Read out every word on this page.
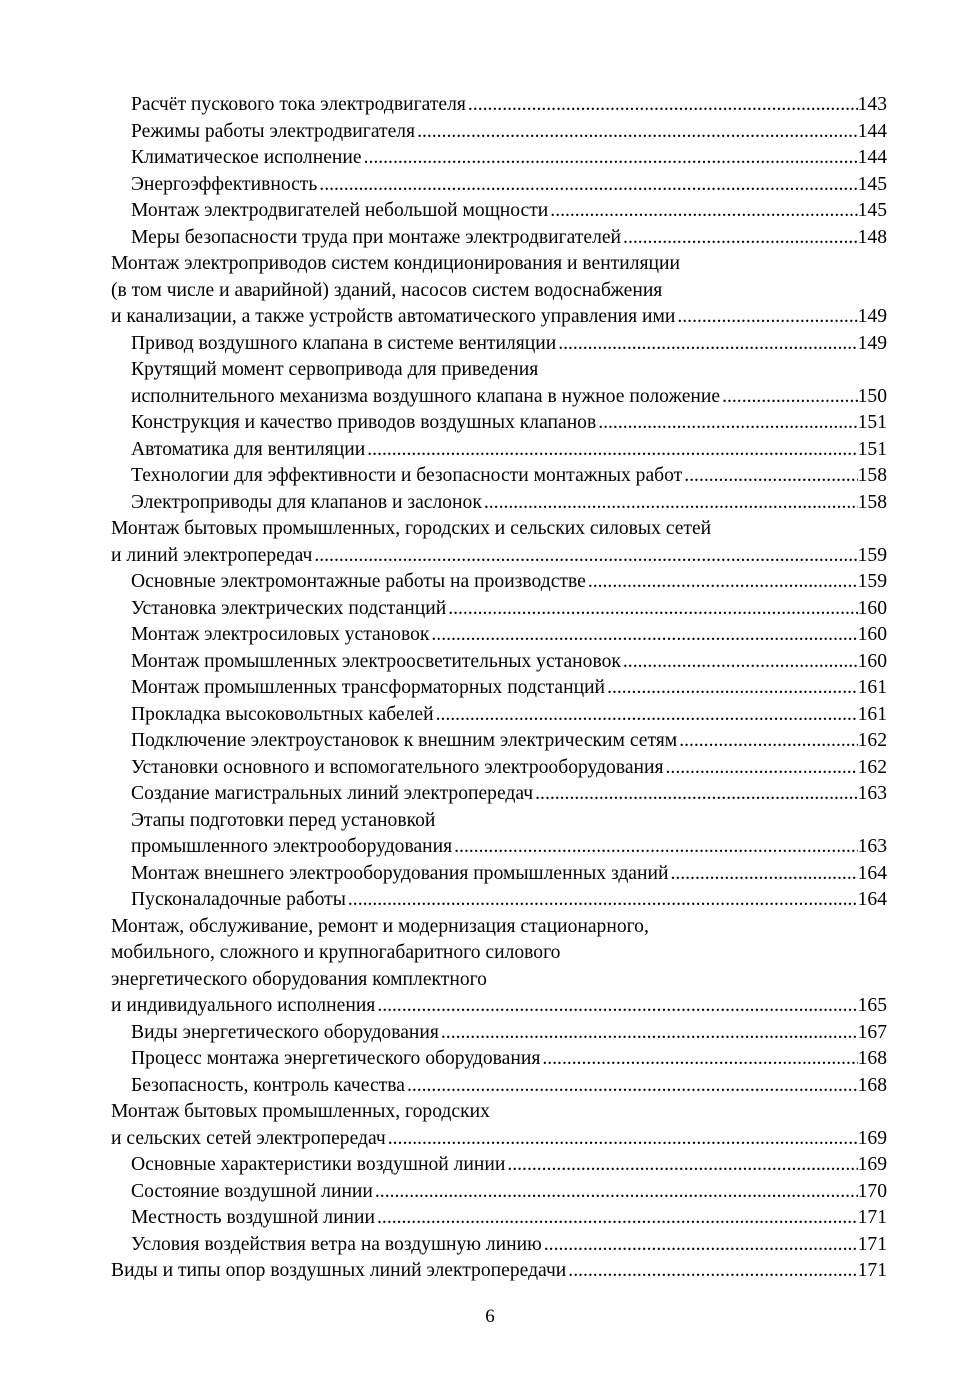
Расчёт пускового тока электродвигателя .....	143
Режимы работы электродвигателя .....	144
Климатическое исполнение .....	144
Энергоэффективность .....	145
Монтаж электродвигателей небольшой мощности .....	145
Меры безопасности труда при монтаже электродвигателей .....	148
Монтаж электроприводов систем кондиционирования и вентиляции
(в том числе и аварийной) зданий, насосов систем водоснабжения
и канализации, а также устройств автоматического управления ими .....	149
Привод воздушного клапана в системе вентиляции .....	149
Крутящий момент сервопривода для приведения
исполнительного механизма воздушного клапана в нужное положение .....	150
Конструкция и качество приводов воздушных клапанов .....	151
Автоматика для вентиляции .....	151
Технологии для эффективности и безопасности монтажных работ .....	158
Электроприводы для клапанов и заслонок .....	158
Монтаж бытовых промышленных, городских и сельских силовых сетей
и линий электропередач .....	159
Основные электромонтажные работы на производстве .....	159
Установка электрических подстанций .....	160
Монтаж электросиловых установок .....	160
Монтаж промышленных электроосветительных установок .....	160
Монтаж промышленных трансформаторных подстанций .....	161
Прокладка высоковольтных кабелей .....	161
Подключение электроустановок к внешним электрическим сетям .....	162
Установки основного и вспомогательного электрооборудования .....	162
Создание магистральных линий электропередач .....	163
Этапы подготовки перед установкой
промышленного электрооборудования .....	163
Монтаж внешнего электрооборудования промышленных зданий .....	164
Пусконаладочные работы .....	164
Монтаж, обслуживание, ремонт и модернизация стационарного,
мобильного, сложного и крупногабаритного силового
энергетического оборудования комплектного
и индивидуального исполнения .....	165
Виды энергетического оборудования .....	167
Процесс монтажа энергетического оборудования .....	168
Безопасность, контроль качества .....	168
Монтаж бытовых промышленных, городских
и сельских сетей электропередач .....	169
Основные характеристики воздушной линии .....	169
Состояние воздушной линии .....	170
Местность воздушной линии .....	171
Условия воздействия ветра на воздушную линию .....	171
Виды и типы опор воздушных линий электропередачи .....	171
6
